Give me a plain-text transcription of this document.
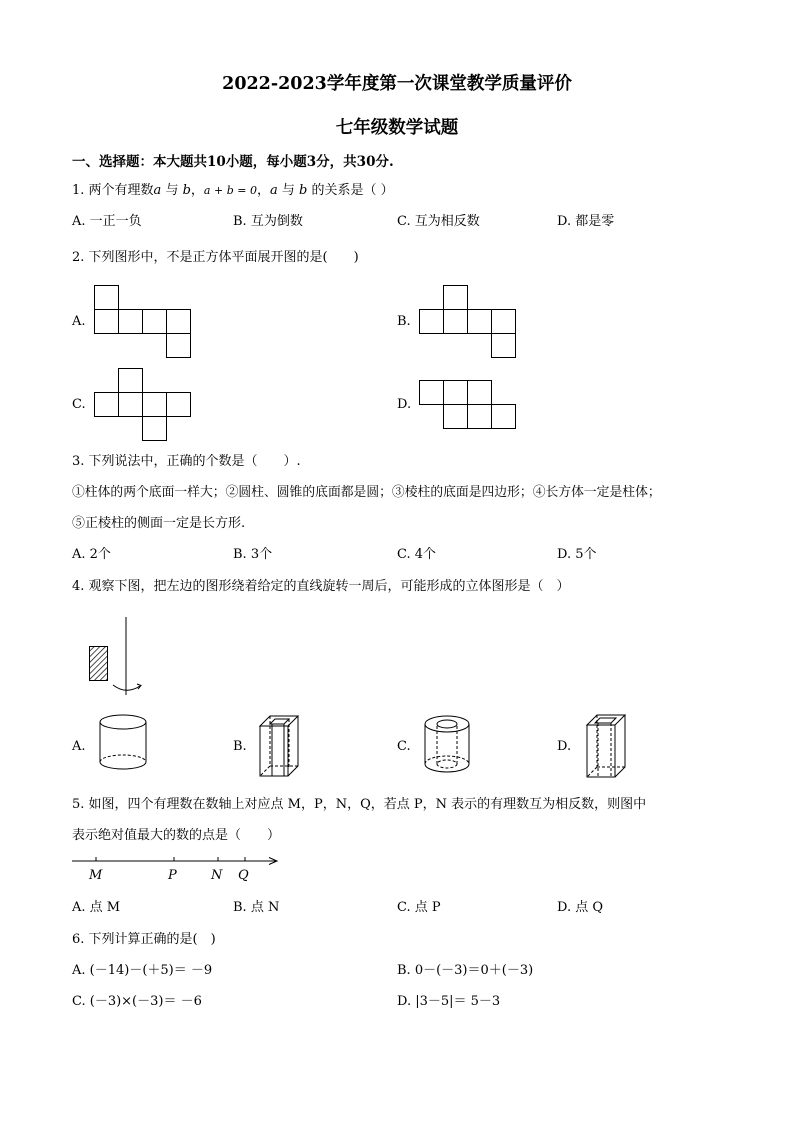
2022-2023学年度第一次课堂教学质量评价
七年级数学试题
一、选择题：本大题共10小题，每小题3分，共30分.
1. 两个有理数a 与 b，a + b = 0，a 与 b 的关系是（ ）
A. 一正一负	B. 互为倒数	C. 互为相反数	D. 都是零
2. 下列图形中，不是正方体平面展开图的是(　　)
A.	B.
C.	D.
3. 下列说法中，正确的个数是（　　）.
①柱体的两个底面一样大；②圆柱、圆锥的底面都是圆；③棱柱的底面是四边形；④长方体一定是柱体；
⑤正棱柱的侧面一定是长方形.
A. 2个	B. 3个	C. 4个	D. 5个
4. 观察下图，把左边的图形绕着给定的直线旋转一周后，可能形成的立体图形是（　）
A.	B.	C.	D.
5. 如图，四个有理数在数轴上对应点 M，P，N，Q，若点 P，N 表示的有理数互为相反数，则图中
表示绝对值最大的数的点是（　　）
M	P	N Q
A. 点 M	B. 点 N	C. 点 P	D. 点 Q
6. 下列计算正确的是(　)
A. (－14)－(＋5)＝ －9	B. 0－(－3)＝0＋(－3)
C. (－3)×(－3)＝ －6	D. |3－5|＝ 5－3
